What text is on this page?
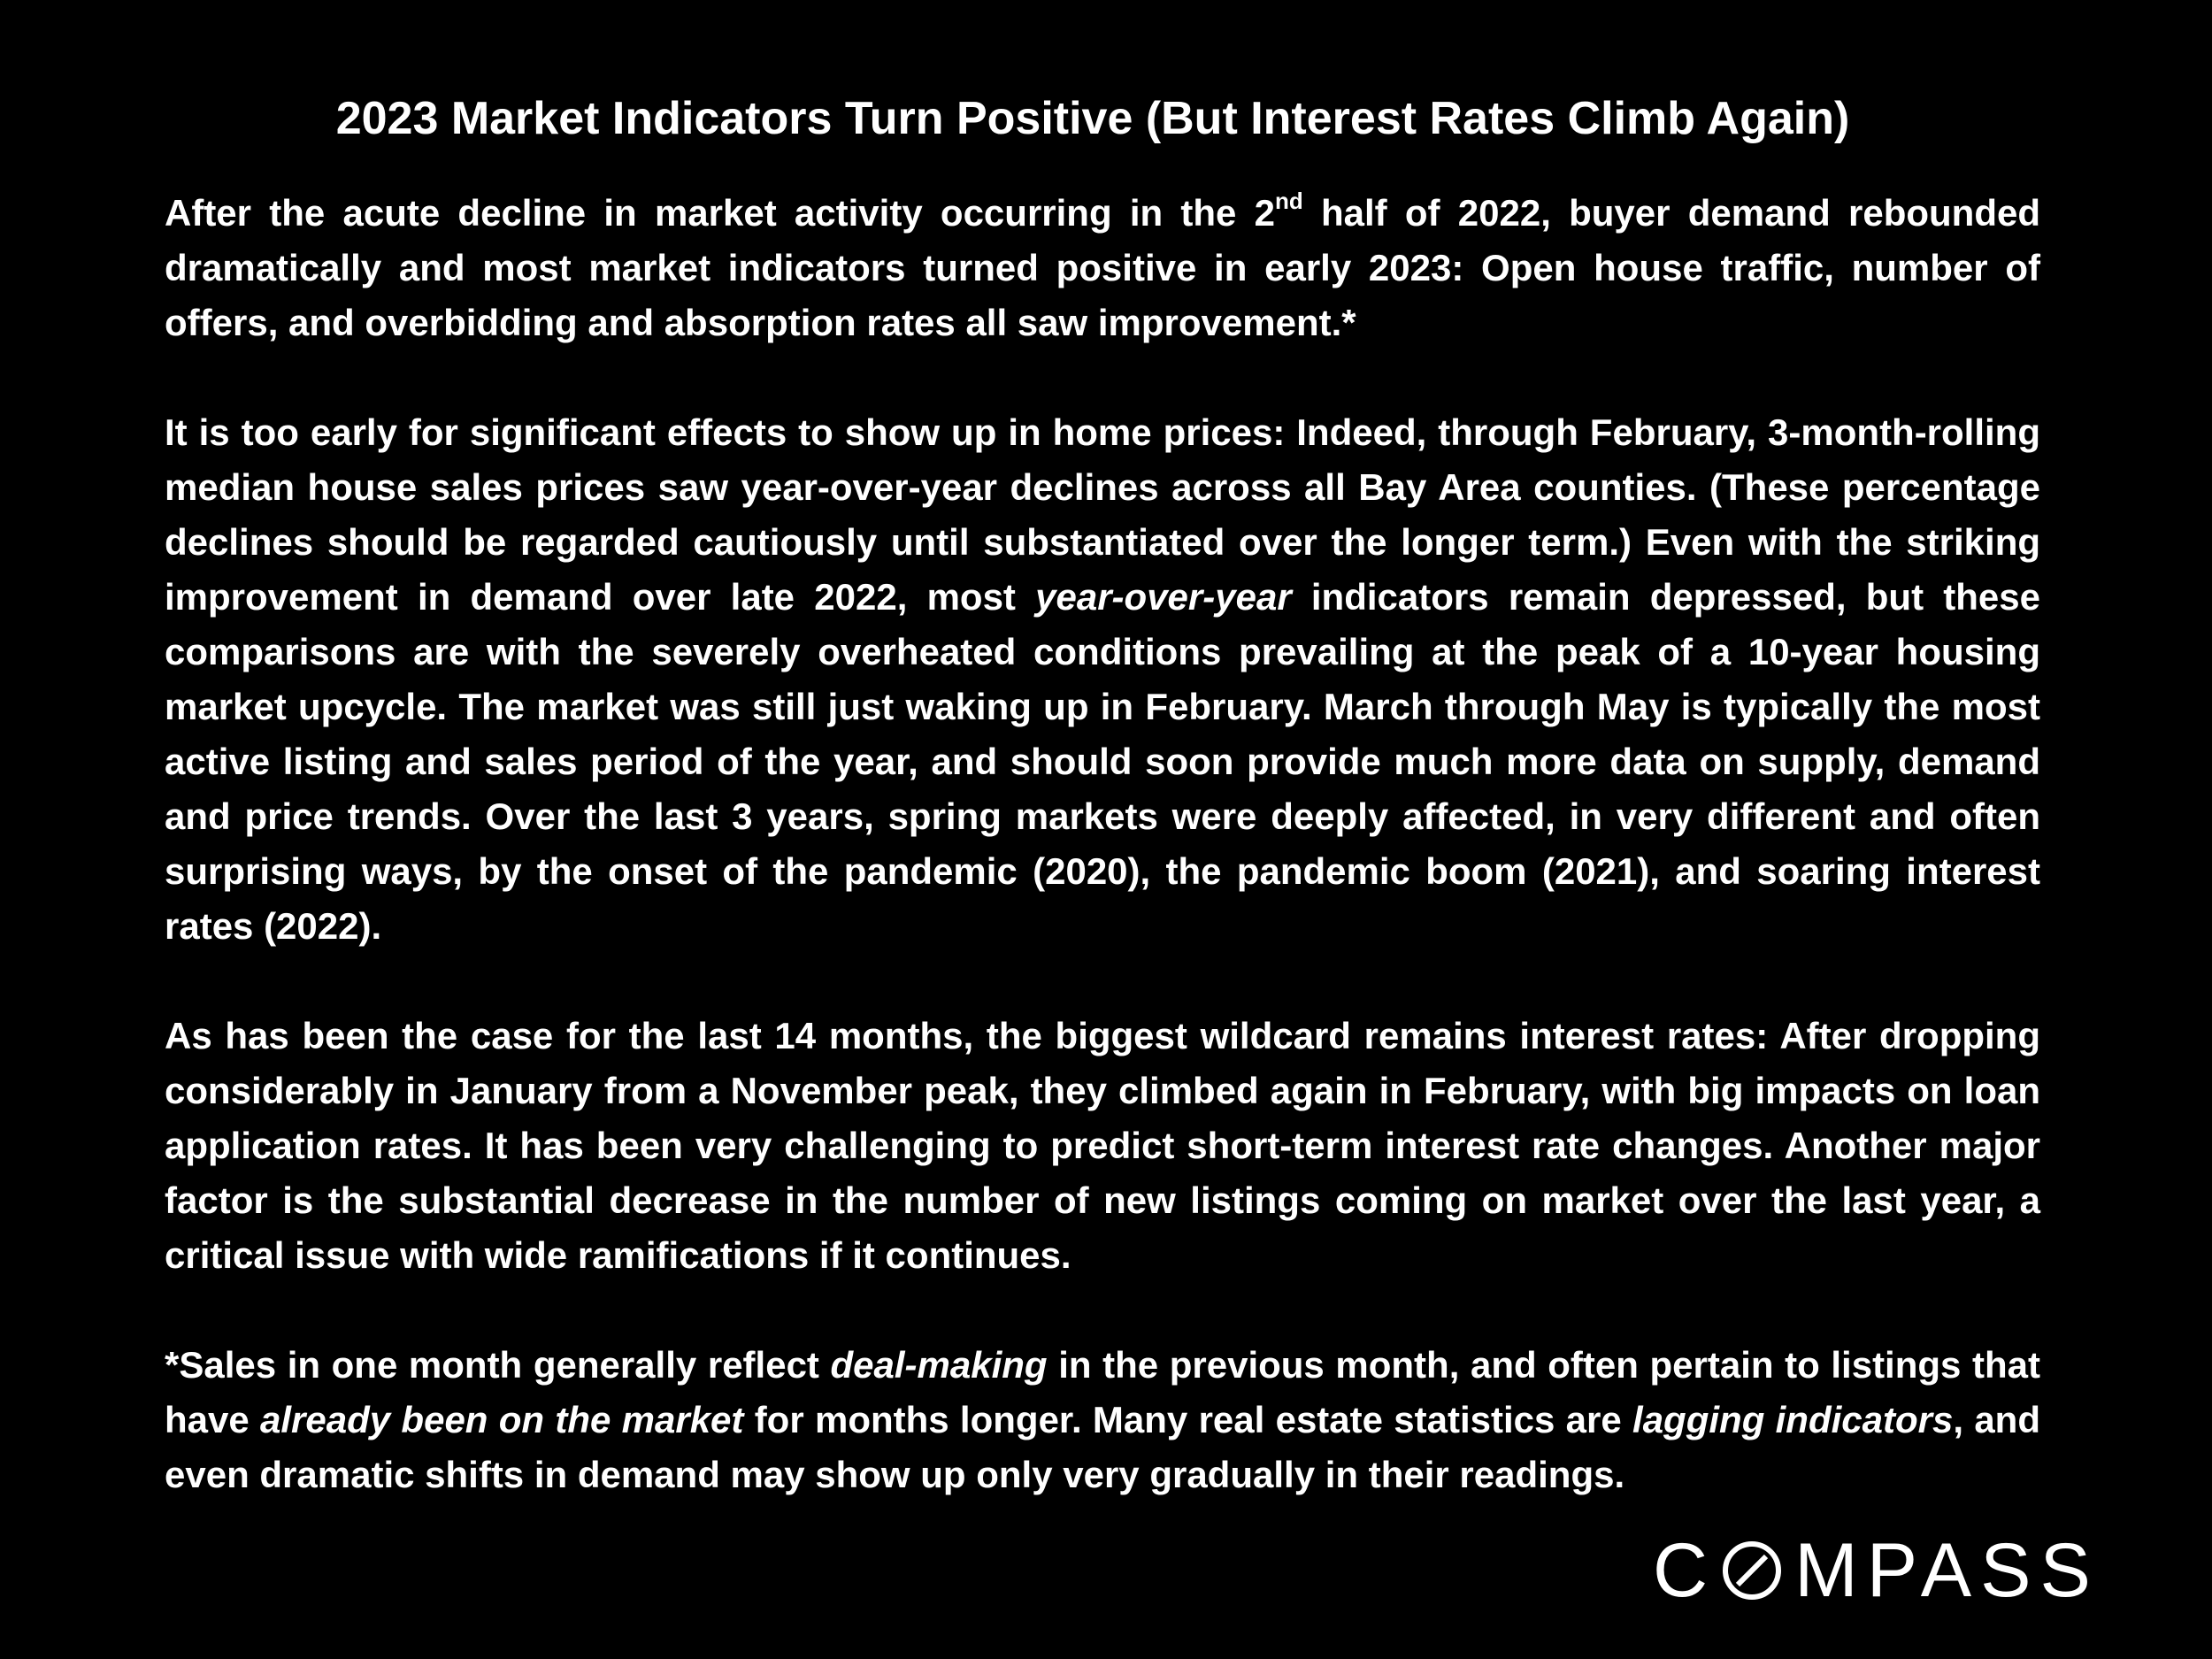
2023 Market Indicators Turn Positive (But Interest Rates Climb Again)

After the acute decline in market activity occurring in the 2nd half of 2022, buyer demand rebounded dramatically and most market indicators turned positive in early 2023: Open house traffic, number of offers, and overbidding and absorption rates all saw improvement.*

It is too early for significant effects to show up in home prices: Indeed, through February, 3-month-rolling median house sales prices saw year-over-year declines across all Bay Area counties. (These percentage declines should be regarded cautiously until substantiated over the longer term.) Even with the striking improvement in demand over late 2022, most year-over-year indicators remain depressed, but these comparisons are with the severely overheated conditions prevailing at the peak of a 10-year housing market upcycle. The market was still just waking up in February. March through May is typically the most active listing and sales period of the year, and should soon provide much more data on supply, demand and price trends. Over the last 3 years, spring markets were deeply affected, in very different and often surprising ways, by the onset of the pandemic (2020), the pandemic boom (2021), and soaring interest rates (2022).

As has been the case for the last 14 months, the biggest wildcard remains interest rates: After dropping considerably in January from a November peak, they climbed again in February, with big impacts on loan application rates. It has been very challenging to predict short-term interest rate changes. Another major factor is the substantial decrease in the number of new listings coming on market over the last year, a critical issue with wide ramifications if it continues.

*Sales in one month generally reflect deal-making in the previous month, and often pertain to listings that have already been on the market for months longer. Many real estate statistics are lagging indicators, and even dramatic shifts in demand may show up only very gradually in their readings.

C MPASS
